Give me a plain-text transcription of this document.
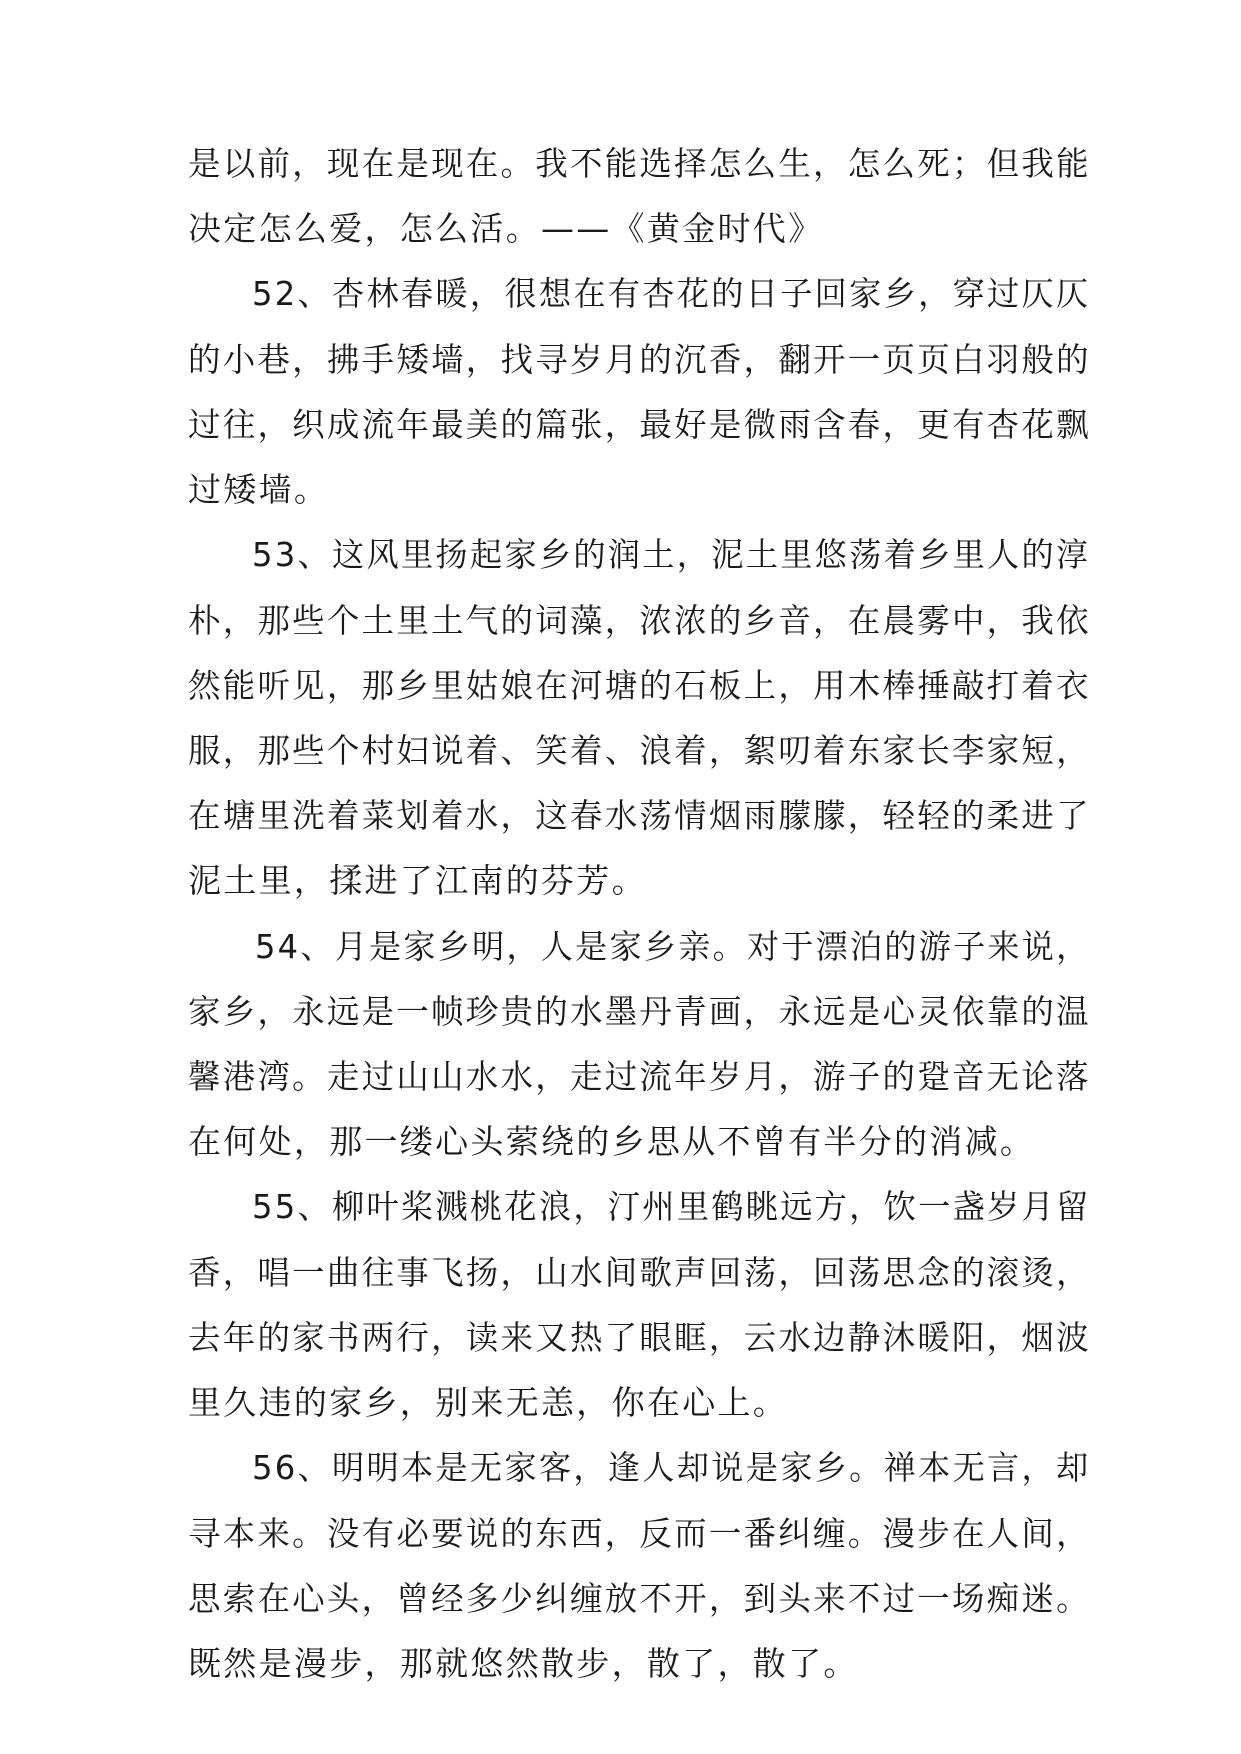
是以前，现在是现在。我不能选择怎么生，怎么死；但我能
决定怎么爱，怎么活。——《黄金时代》
52、杏林春暖，很想在有杏花的日子回家乡，穿过仄仄
的小巷，拂手矮墙，找寻岁月的沉香，翻开一页页白羽般的
过往，织成流年最美的篇张，最好是微雨含春，更有杏花飘
过矮墙。
53、这风里扬起家乡的润土，泥土里悠荡着乡里人的淳
朴，那些个土里土气的词藻，浓浓的乡音，在晨雾中，我依
然能听见，那乡里姑娘在河塘的石板上，用木棒捶敲打着衣
服，那些个村妇说着、笑着、浪着，絮叨着东家长李家短，
在塘里洗着菜划着水，这春水荡情烟雨朦朦，轻轻的柔进了
泥土里，揉进了江南的芬芳。
54、月是家乡明，人是家乡亲。对于漂泊的游子来说，
家乡，永远是一帧珍贵的水墨丹青画，永远是心灵依靠的温
馨港湾。走过山山水水，走过流年岁月，游子的跫音无论落
在何处，那一缕心头萦绕的乡思从不曾有半分的消减。
55、柳叶桨溅桃花浪，汀州里鹤眺远方，饮一盏岁月留
香，唱一曲往事飞扬，山水间歌声回荡，回荡思念的滚烫，
去年的家书两行，读来又热了眼眶，云水边静沐暖阳，烟波
里久违的家乡，别来无恙，你在心上。
56、明明本是无家客，逢人却说是家乡。禅本无言，却
寻本来。没有必要说的东西，反而一番纠缠。漫步在人间，
思索在心头，曾经多少纠缠放不开，到头来不过一场痴迷。
既然是漫步，那就悠然散步，散了，散了。
